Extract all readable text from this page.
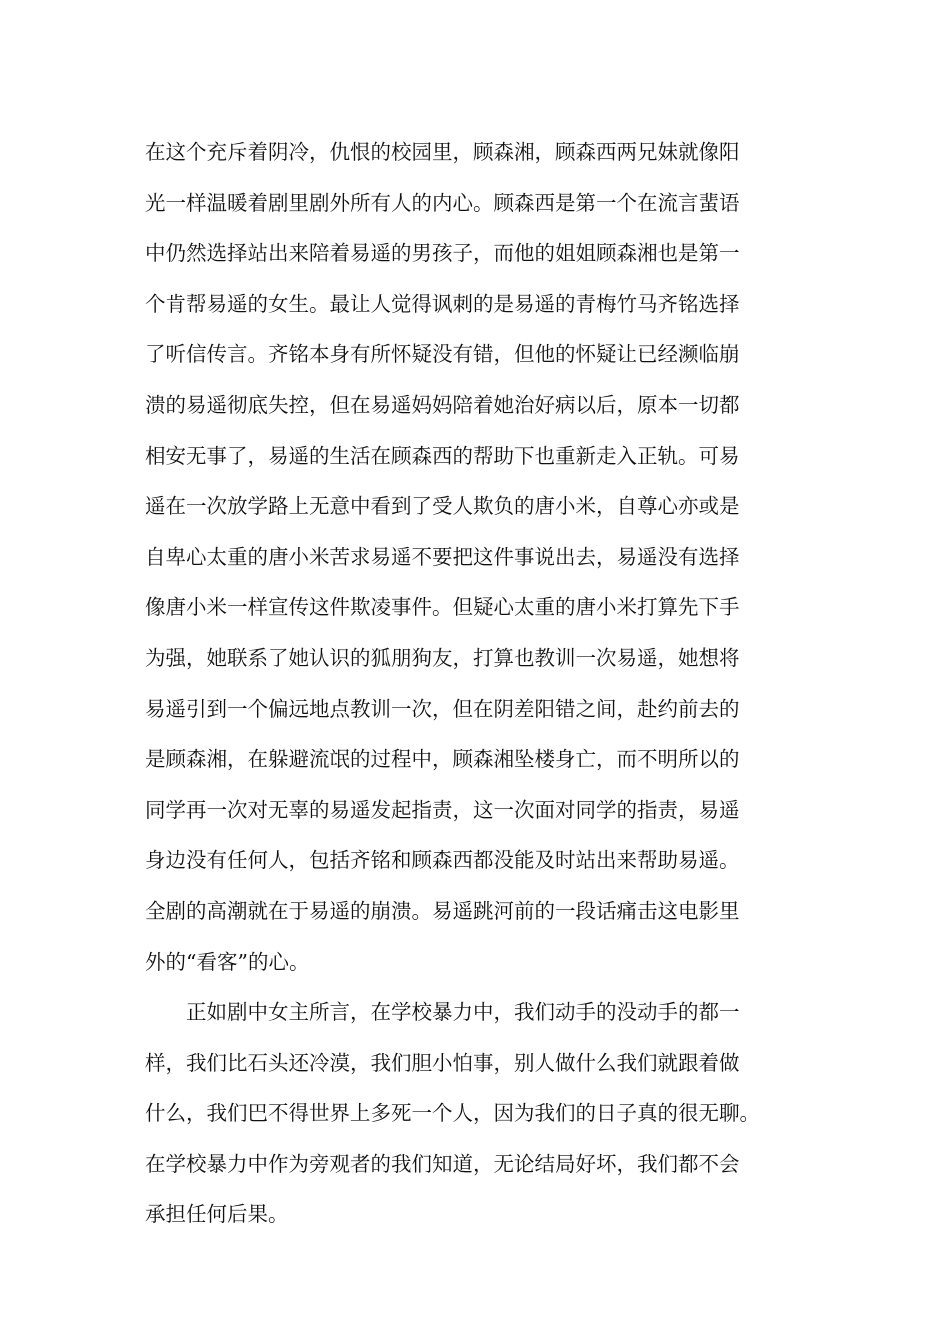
在这个充斥着阴冷，仇恨的校园里，顾森湘，顾森西两兄妹就像阳
光一样温暖着剧里剧外所有人的内心。顾森西是第一个在流言蜚语
中仍然选择站出来陪着易遥的男孩子，而他的姐姐顾森湘也是第一
个肯帮易遥的女生。最让人觉得讽刺的是易遥的青梅竹马齐铭选择
了听信传言。齐铭本身有所怀疑没有错，但他的怀疑让已经濒临崩
溃的易遥彻底失控，但在易遥妈妈陪着她治好病以后，原本一切都
相安无事了，易遥的生活在顾森西的帮助下也重新走入正轨。可易
遥在一次放学路上无意中看到了受人欺负的唐小米，自尊心亦或是
自卑心太重的唐小米苦求易遥不要把这件事说出去，易遥没有选择
像唐小米一样宣传这件欺凌事件。但疑心太重的唐小米打算先下手
为强，她联系了她认识的狐朋狗友，打算也教训一次易遥，她想将
易遥引到一个偏远地点教训一次，但在阴差阳错之间，赴约前去的
是顾森湘，在躲避流氓的过程中，顾森湘坠楼身亡，而不明所以的
同学再一次对无辜的易遥发起指责，这一次面对同学的指责，易遥
身边没有任何人，包括齐铭和顾森西都没能及时站出来帮助易遥。
全剧的高潮就在于易遥的崩溃。易遥跳河前的一段话痛击这电影里
外的“看客”的心。
正如剧中女主所言，在学校暴力中，我们动手的没动手的都一
样，我们比石头还冷漠，我们胆小怕事，别人做什么我们就跟着做
什么，我们巴不得世界上多死一个人，因为我们的日子真的很无聊。
在学校暴力中作为旁观者的我们知道，无论结局好坏，我们都不会
承担任何后果。
